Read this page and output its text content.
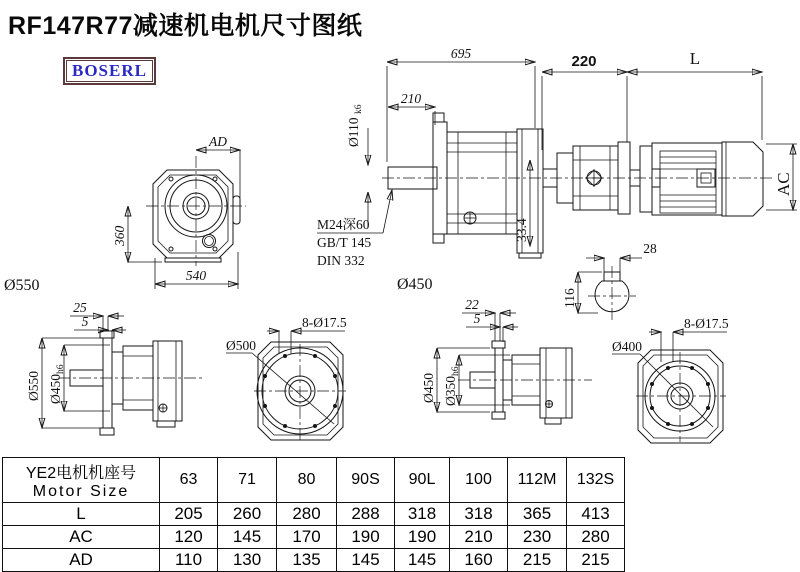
RF147R77减速机电机尺寸图纸
BOSERL
AD
360
540
Ø550
695
210
220	L
AC
Ø110
k6
M24深60
GB/T 145
DIN 332
33.4
28
116
25
5
Ø550 Ø450
h6
8-Ø17.5
Ø500
Ø450
22
5
Ø450 Ø350
h6
8-Ø17.5
Ø400
YE2电机机座号
Motor Size	63	71	80	90S	90L	100	112M	132S
L	205	260	280	288	318	318	365	413
AC	120	145	170	190	190	210	230	280
AD	110	130	135	145	145	160	215	215
